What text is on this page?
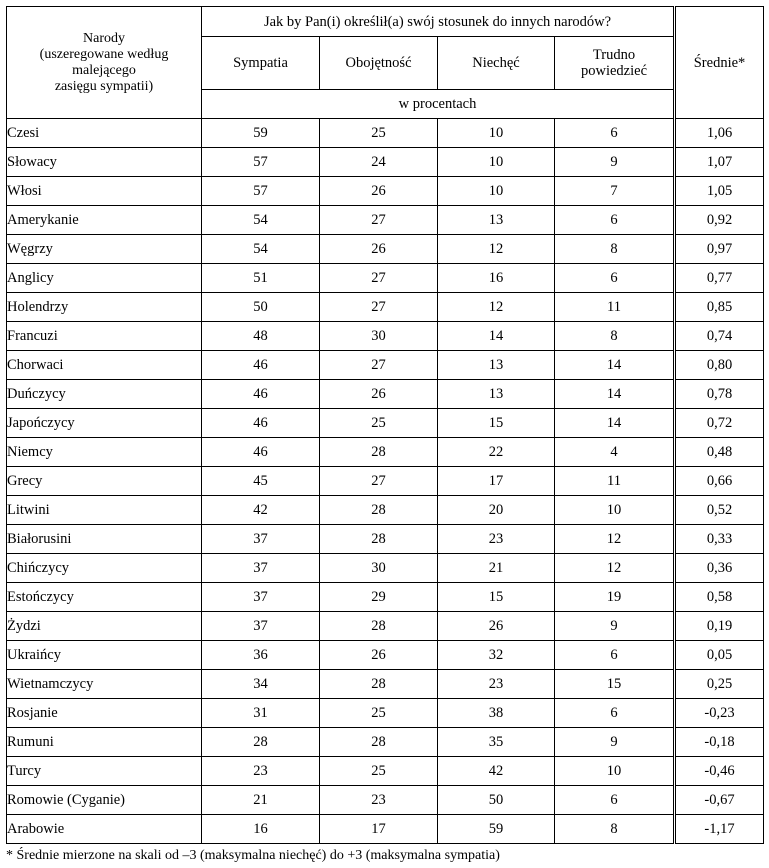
Narody
(uszeregowane według
malejącego
zasięgu sympatii)	Jak by Pan(i) określił(a) swój stosunek do innych narodów?				Średnie*
	Sympatia	Obojętność	Niechęć	Trudno
powiedzieć	

	w procentach				
Czesi	59	25	10	6	1,06
Słowacy	57	24	10	9	1,07
Włosi	57	26	10	7	1,05
Amerykanie	54	27	13	6	0,92
Węgrzy	54	26	12	8	0,97
Anglicy	51	27	16	6	0,77
Holendrzy	50	27	12	11	0,85
Francuzi	48	30	14	8	0,74
Chorwaci	46	27	13	14	0,80
Duńczycy	46	26	13	14	0,78
Japończycy	46	25	15	14	0,72
Niemcy	46	28	22	4	0,48
Grecy	45	27	17	11	0,66
Litwini	42	28	20	10	0,52
Białorusini	37	28	23	12	0,33
Chińczycy	37	30	21	12	0,36
Estończycy	37	29	15	19	0,58
Żydzi	37	28	26	9	0,19
Ukraińcy	36	26	32	6	0,05
Wietnamczycy	34	28	23	15	0,25
Rosjanie	31	25	38	6	-0,23
Rumuni	28	28	35	9	-0,18
Turcy	23	25	42	10	-0,46
Romowie (Cyganie)	21	23	50	6	-0,67
Arabowie	16	17	59	8	-1,17
* Średnie mierzone na skali od –3 (maksymalna niechęć) do +3 (maksymalna sympatia)
